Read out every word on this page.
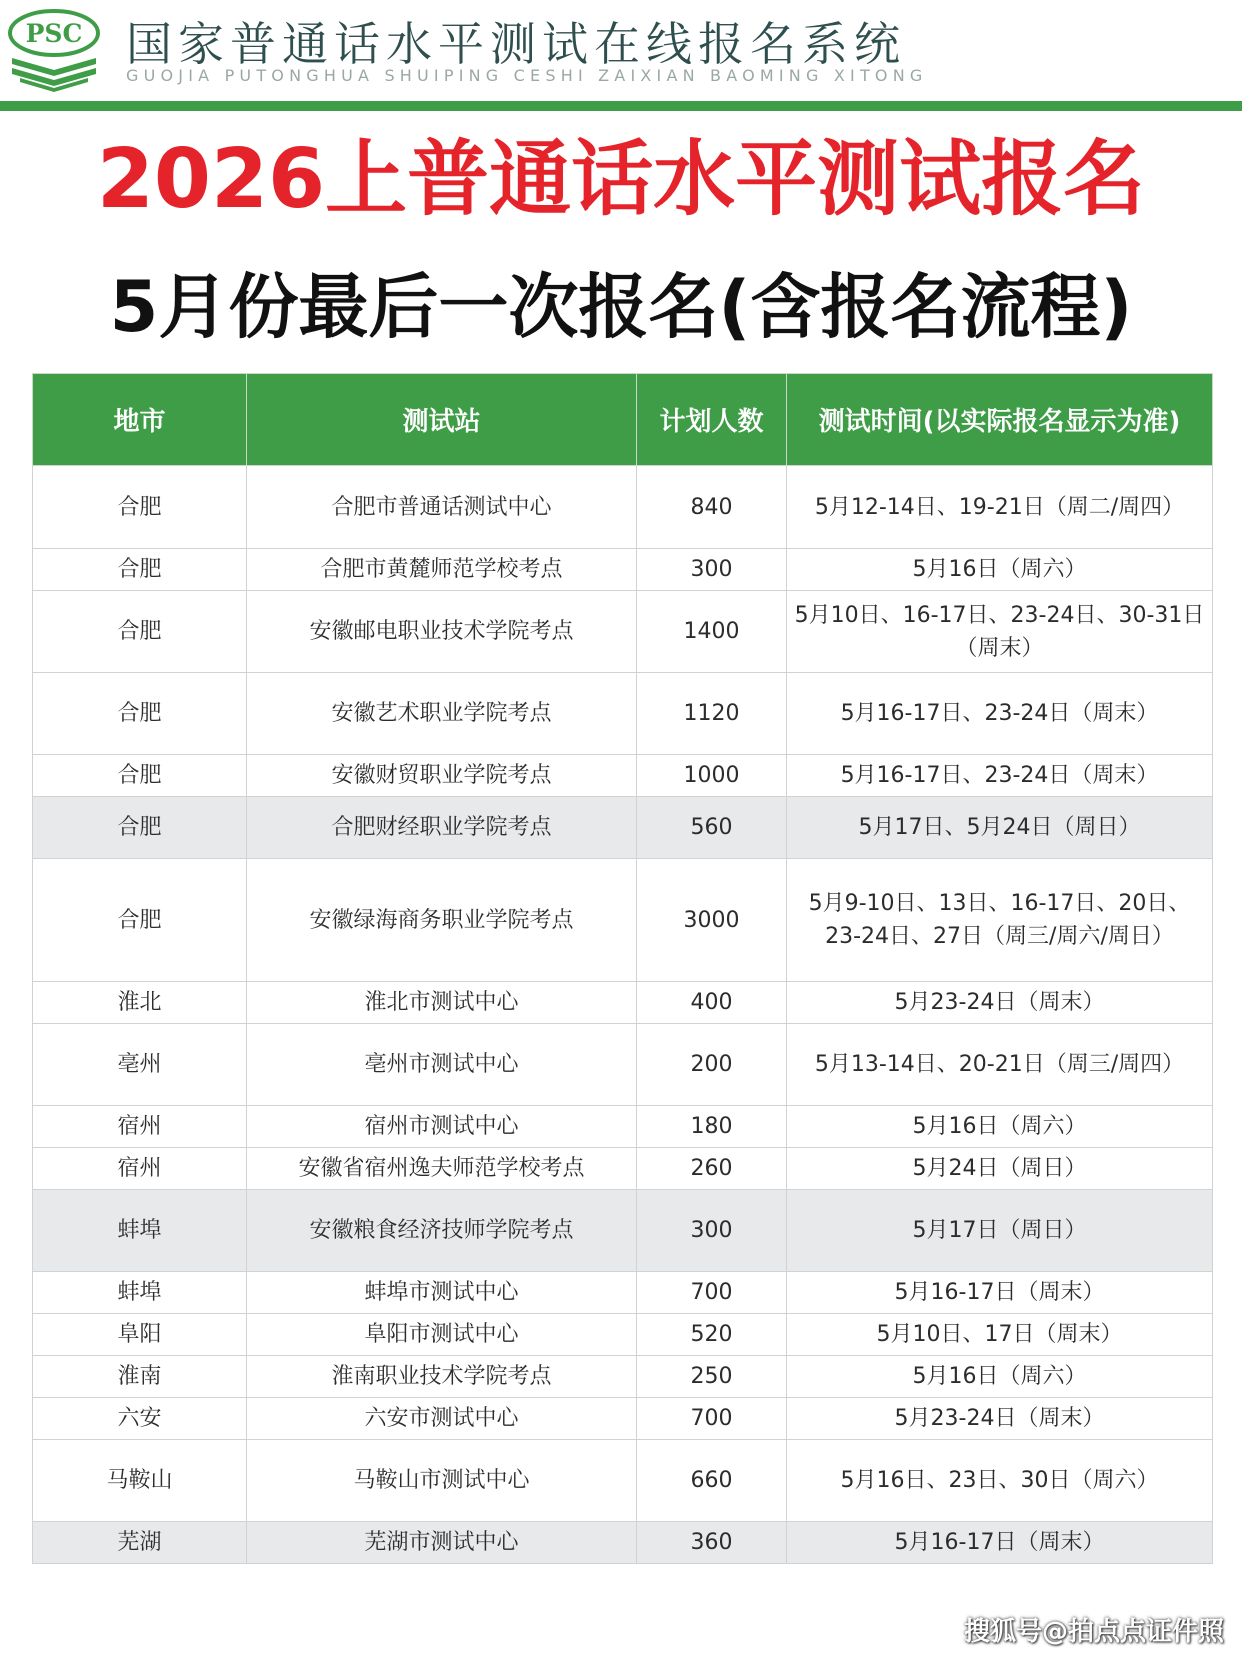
PSC 国家普通话水平测试在线报名系统
GUOJIA PUTONGHUA SHUIPING CESHI ZAIXIAN BAOMING XITONG
2026上普通话水平测试报名
5月份最后一次报名(含报名流程)
地市	测试站	计划人数	测试时间(以实际报名显示为准)
合肥	合肥市普通话测试中心	840	5月12-14日、19-21日（周二/周四）
合肥	合肥市黄麓师范学校考点	300	5月16日（周六）
合肥	安徽邮电职业技术学院考点	1400	5月10日、16-17日、23-24日、30-31日（周末）
合肥	安徽艺术职业学院考点	1120	5月16-17日、23-24日（周末）
合肥	安徽财贸职业学院考点	1000	5月16-17日、23-24日（周末）
合肥	合肥财经职业学院考点	560	5月17日、5月24日（周日）
合肥	安徽绿海商务职业学院考点	3000	5月9-10日、13日、16-17日、20日、23-24日、27日（周三/周六/周日）
淮北	淮北市测试中心	400	5月23-24日（周末）
亳州	亳州市测试中心	200	5月13-14日、20-21日（周三/周四）
宿州	宿州市测试中心	180	5月16日（周六）
宿州	安徽省宿州逸夫师范学校考点	260	5月24日（周日）
蚌埠	安徽粮食经济技师学院考点	300	5月17日（周日）
蚌埠	蚌埠市测试中心	700	5月16-17日（周末）
阜阳	阜阳市测试中心	520	5月10日、17日（周末）
淮南	淮南职业技术学院考点	250	5月16日（周六）
六安	六安市测试中心	700	5月23-24日（周末）
马鞍山	马鞍山市测试中心	660	5月16日、23日、30日（周六）
芜湖	芜湖市测试中心	360	5月16-17日（周末）
搜狐号@拍点点证件照
